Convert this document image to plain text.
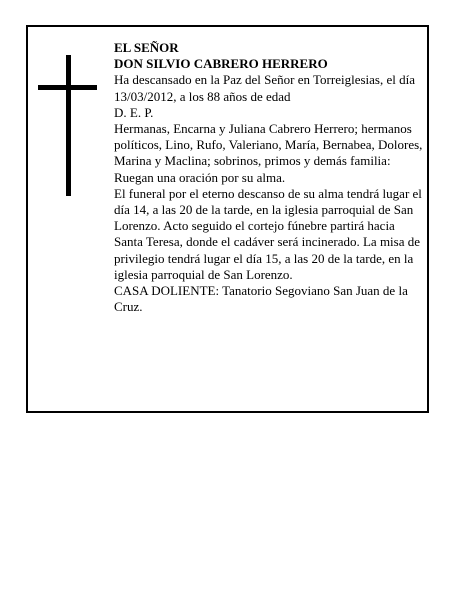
EL SEÑOR

DON SILVIO CABRERO HERRERO

Ha descansado en la Paz del Señor en Torreiglesias, el día 13/03/2012, a los 88 años de edad

D. E. P.

Hermanas, Encarna y Juliana Cabrero Herrero; hermanos políticos, Lino, Rufo, Valeriano, María, Bernabea, Dolores, Marina y Maclina; sobrinos, primos y demás familia:

Ruegan una oración por su alma.

El funeral por el eterno descanso de su alma tendrá lugar el día 14, a las 20 de la tarde, en la iglesia parroquial de San Lorenzo. Acto seguido el cortejo fúnebre partirá hacia Santa Teresa, donde el cadáver será incinerado. La misa de privilegio tendrá lugar el día 15, a las 20 de la tarde, en la iglesia parroquial de San Lorenzo.

CASA DOLIENTE: Tanatorio Segoviano San Juan de la Cruz.
